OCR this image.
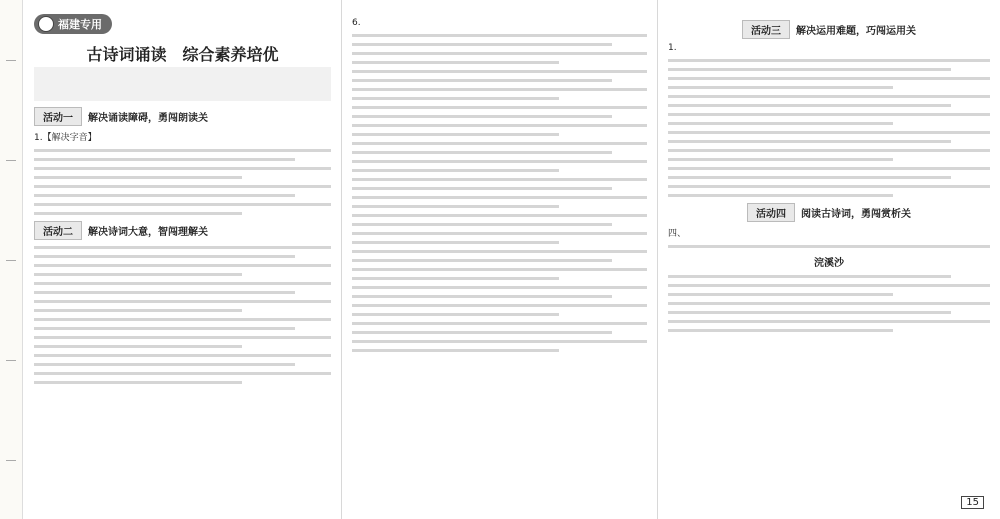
福建专用
古诗词诵读　综合素养培优
活动一	解决诵读障碍，勇闯朗读关
1.【解决字音】
活动二	解决诗词大意，智闯理解关
6.
活动三	解决运用难题，巧闯运用关
1.
活动四	阅读古诗词，勇闯赏析关
四、
浣溪沙
15
